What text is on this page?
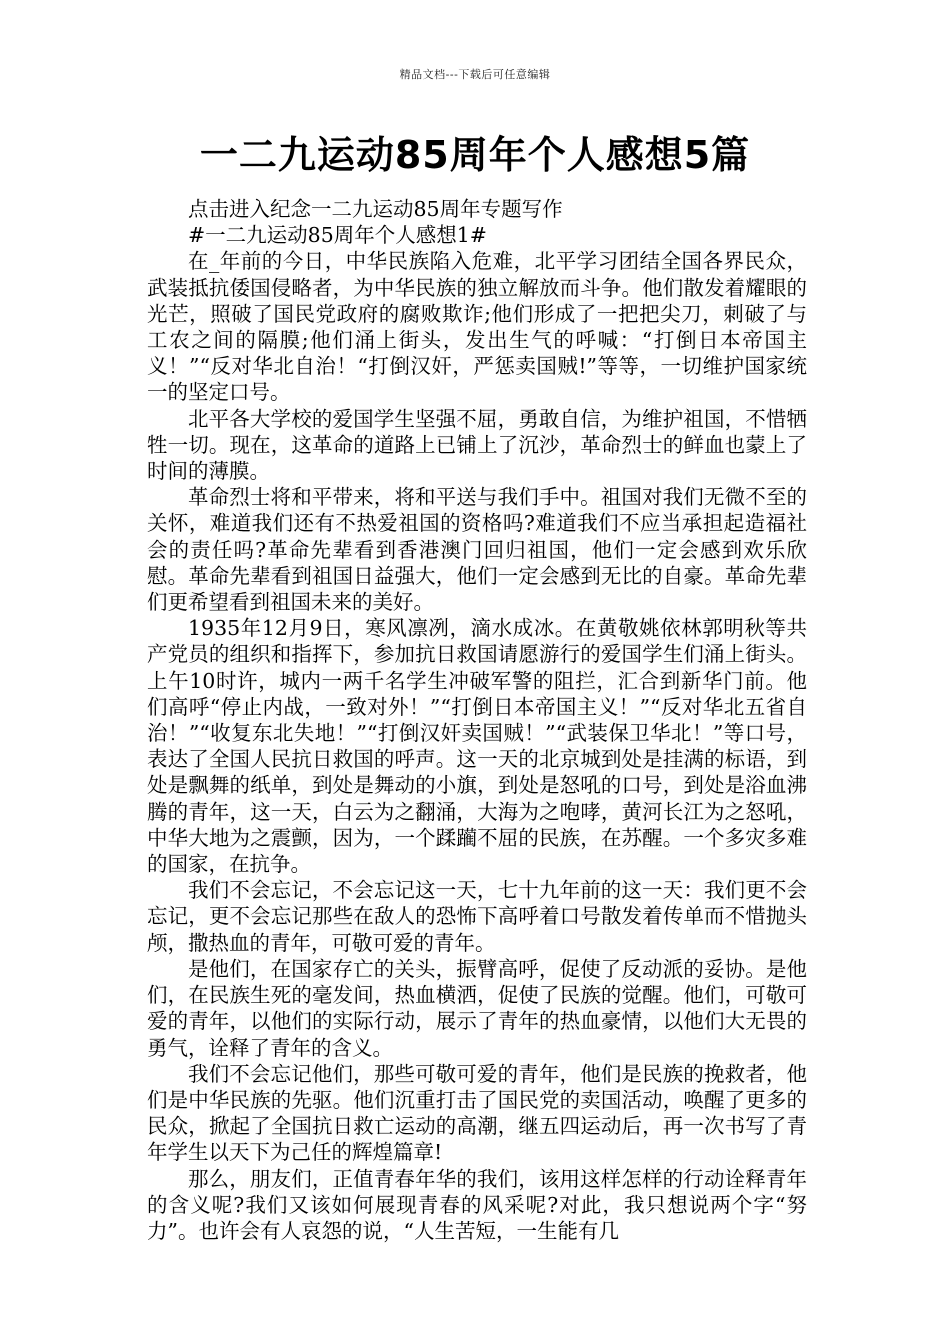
精品文档---下载后可任意编辑
一二九运动85周年个人感想5篇

点击进入纪念一二九运动85周年专题写作

#一二九运动85周年个人感想1#

在_年前的今日，中华民族陷入危难，北平学习团结全国各界民众，武装抵抗倭国侵略者，为中华民族的独立解放而斗争。他们散发着耀眼的光芒，照破了国民党政府的腐败欺诈;他们形成了一把把尖刀，刺破了与工农之间的隔膜;他们涌上街头，发出生气的呼喊：“打倒日本帝国主义！”“反对华北自治！“打倒汉奸，严惩卖国贼!”等等，一切维护国家统一的坚定口号。

北平各大学校的爱国学生坚强不屈，勇敢自信，为维护祖国，不惜牺牲一切。现在，这革命的道路上已铺上了沉沙，革命烈士的鲜血也蒙上了时间的薄膜。

革命烈士将和平带来，将和平送与我们手中。祖国对我们无微不至的关怀，难道我们还有不热爱祖国的资格吗?难道我们不应当承担起造福社会的责任吗?革命先辈看到香港澳门回归祖国，他们一定会感到欢乐欣慰。革命先辈看到祖国日益强大，他们一定会感到无比的自豪。革命先辈们更希望看到祖国未来的美好。

1935年12月9日，寒风凛冽，滴水成冰。在黄敬姚依林郭明秋等共产党员的组织和指挥下，参加抗日救国请愿游行的爱国学生们涌上街头。上午10时许，城内一两千名学生冲破军警的阻拦，汇合到新华门前。他们高呼“停止内战，一致对外！”“打倒日本帝国主义！”“反对华北五省自治！”“收复东北失地！”“打倒汉奸卖国贼！”“武装保卫华北！”等口号，表达了全国人民抗日救国的呼声。这一天的北京城到处是挂满的标语，到处是飘舞的纸单，到处是舞动的小旗，到处是怒吼的口号，到处是浴血沸腾的青年，这一天，白云为之翻涌，大海为之咆哮，黄河长江为之怒吼，中华大地为之震颤，因为，一个蹂躏不屈的民族，在苏醒。一个多灾多难的国家，在抗争。

我们不会忘记，不会忘记这一天，七十九年前的这一天：我们更不会忘记，更不会忘记那些在敌人的恐怖下高呼着口号散发着传单而不惜抛头颅，撒热血的青年，可敬可爱的青年。

是他们，在国家存亡的关头，振臂高呼，促使了反动派的妥协。是他们，在民族生死的毫发间，热血横洒，促使了民族的觉醒。他们，可敬可爱的青年，以他们的实际行动，展示了青年的热血豪情，以他们大无畏的勇气，诠释了青年的含义。

我们不会忘记他们，那些可敬可爱的青年，他们是民族的挽救者，他们是中华民族的先驱。他们沉重打击了国民党的卖国活动，唤醒了更多的民众，掀起了全国抗日救亡运动的高潮，继五四运动后，再一次书写了青年学生以天下为己任的辉煌篇章!

那么，朋友们，正值青春年华的我们，该用这样怎样的行动诠释青年的含义呢?我们又该如何展现青春的风采呢?对此，我只想说两个字“努力”。也许会有人哀怨的说，“人生苦短，一生能有几
